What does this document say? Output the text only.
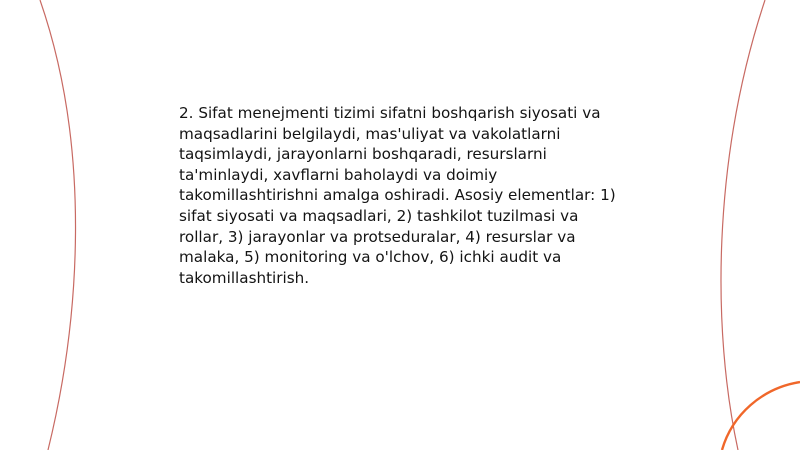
2. Sifat menejmenti tizimi sifatni boshqarish siyosati va maqsadlarini belgilaydi, mas'uliyat va vakolatlarni taqsimlaydi, jarayonlarni boshqaradi, resurslarni ta'minlaydi, xavflarni baholaydi va doimiy takomillashtirishni amalga oshiradi. Asosiy elementlar: 1) sifat siyosati va maqsadlari, 2) tashkilot tuzilmasi va rollar, 3) jarayonlar va protseduralar, 4) resurslar va malaka, 5) monitoring va o'lchov, 6) ichki audit va takomillashtirish.
